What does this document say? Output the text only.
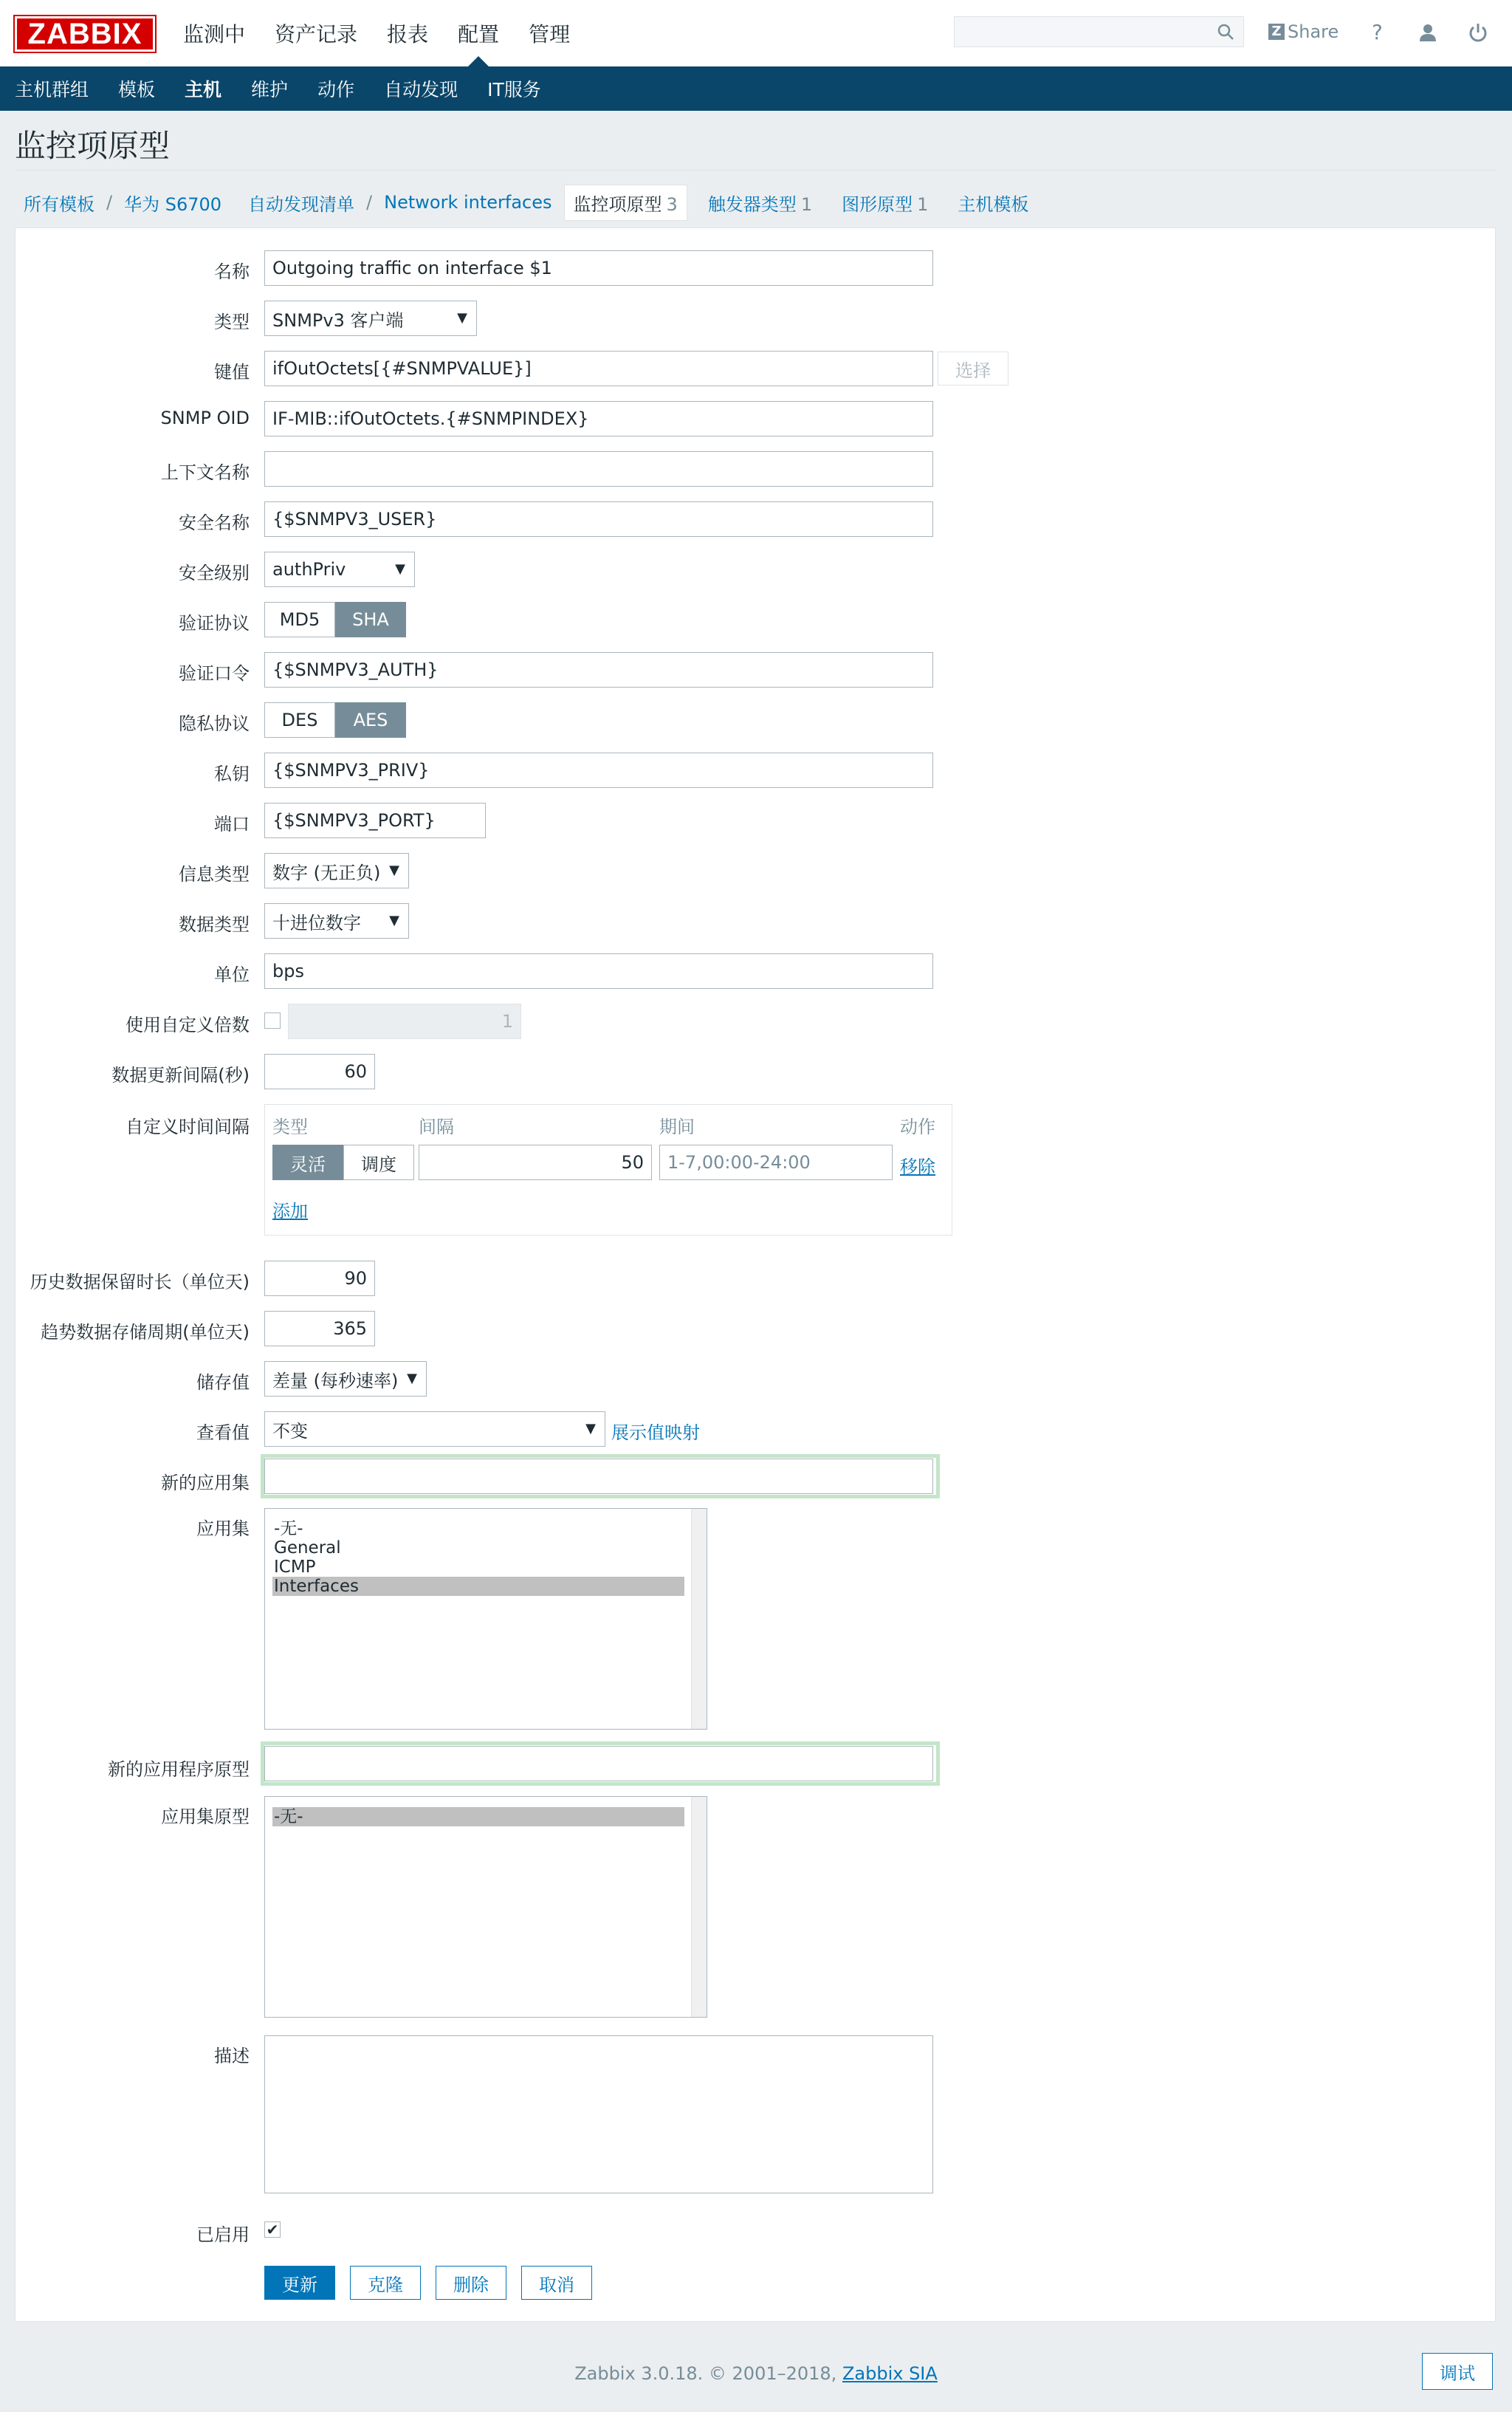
ZABBIX	监测中	资产记录	报表	配置	管理	Z Share ?
主机群组	模板	主机	维护	动作	自动发现	IT服务
监控项原型
所有模板 / 华为 S6700 自动发现清单 / Network interfaces	监控项原型 3	触发器类型 1	图形原型 1	主机模板
名称	Outgoing traffic on interface $1
类型	SNMPv3 客户端 ▼
键值	ifOutOctets[{#SNMPVALUE}]	选择
SNMP OID	IF-MIB::ifOutOctets.{#SNMPINDEX}
上下文名称
安全名称	{$SNMPV3_USER}
安全级别	authPriv ▼
验证协议	MD5	SHA
验证口令	{$SNMPV3_AUTH}
隐私协议	DES	AES
私钥	{$SNMPV3_PRIV}
端口	{$SNMPV3_PORT}
信息类型	数字 (无正负) ▼
数据类型	十进位数字 ▼
单位	bps
使用自定义倍数	1
数据更新间隔(秒)	60
自定义时间间隔 类型	间隔	期间	动作
灵活	调度	50	1-7,00:00-24:00	移除
添加
历史数据保留时长（单位天)	90
趋势数据存储周期(单位天)	365
储存值	差量 (每秒速率) ▼
查看值	不变 ▼	展示值映射
新的应用集
应用集 -无-
General
ICMP
Interfaces
新的应用程序原型
应用集原型 -无-
描述
已启用 ✔
更新	克隆	删除	取消
Zabbix 3.0.18. © 2001–2018, Zabbix SIA	调试
